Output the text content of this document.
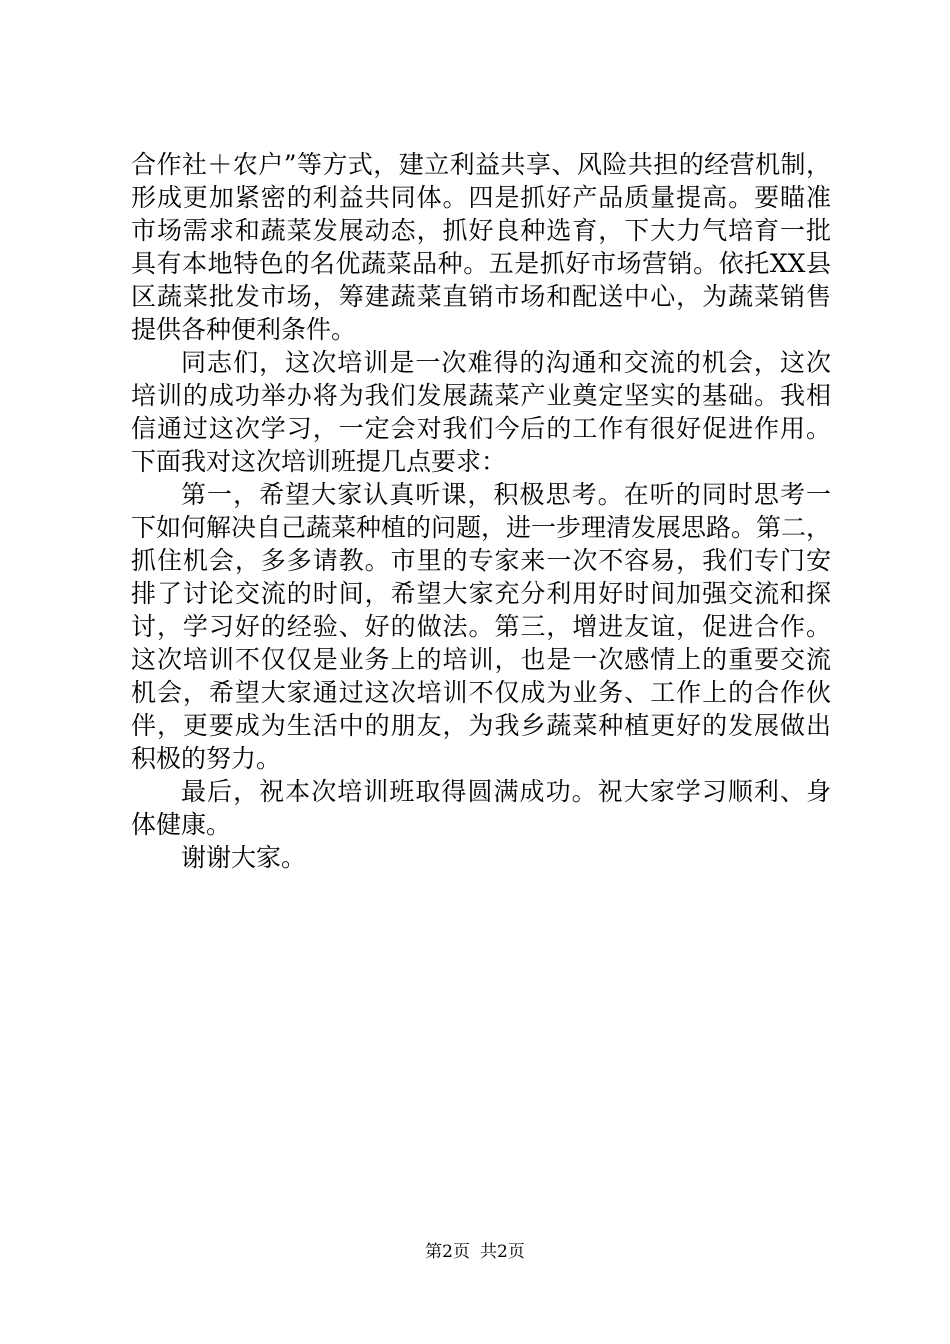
合作社＋农户”等方式，建立利益共享、风险共担的经营机制，
形成更加紧密的利益共同体。四是抓好产品质量提高。要瞄准
市场需求和蔬菜发展动态，抓好良种选育，下大力气培育一批
具有本地特色的名优蔬菜品种。五是抓好市场营销。依托XX县
区蔬菜批发市场，筹建蔬菜直销市场和配送中心，为蔬菜销售
提供各种便利条件。
同志们，这次培训是一次难得的沟通和交流的机会，这次
培训的成功举办将为我们发展蔬菜产业奠定坚实的基础。我相
信通过这次学习，一定会对我们今后的工作有很好促进作用。
下面我对这次培训班提几点要求：
第一，希望大家认真听课，积极思考。在听的同时思考一
下如何解决自己蔬菜种植的问题，进一步理清发展思路。第二，
抓住机会，多多请教。市里的专家来一次不容易，我们专门安
排了讨论交流的时间，希望大家充分利用好时间加强交流和探
讨，学习好的经验、好的做法。第三，增进友谊，促进合作。
这次培训不仅仅是业务上的培训，也是一次感情上的重要交流
机会，希望大家通过这次培训不仅成为业务、工作上的合作伙
伴，更要成为生活中的朋友，为我乡蔬菜种植更好的发展做出
积极的努力。
最后，祝本次培训班取得圆满成功。祝大家学习顺利、身
体健康。
谢谢大家。
第2页 共2页
